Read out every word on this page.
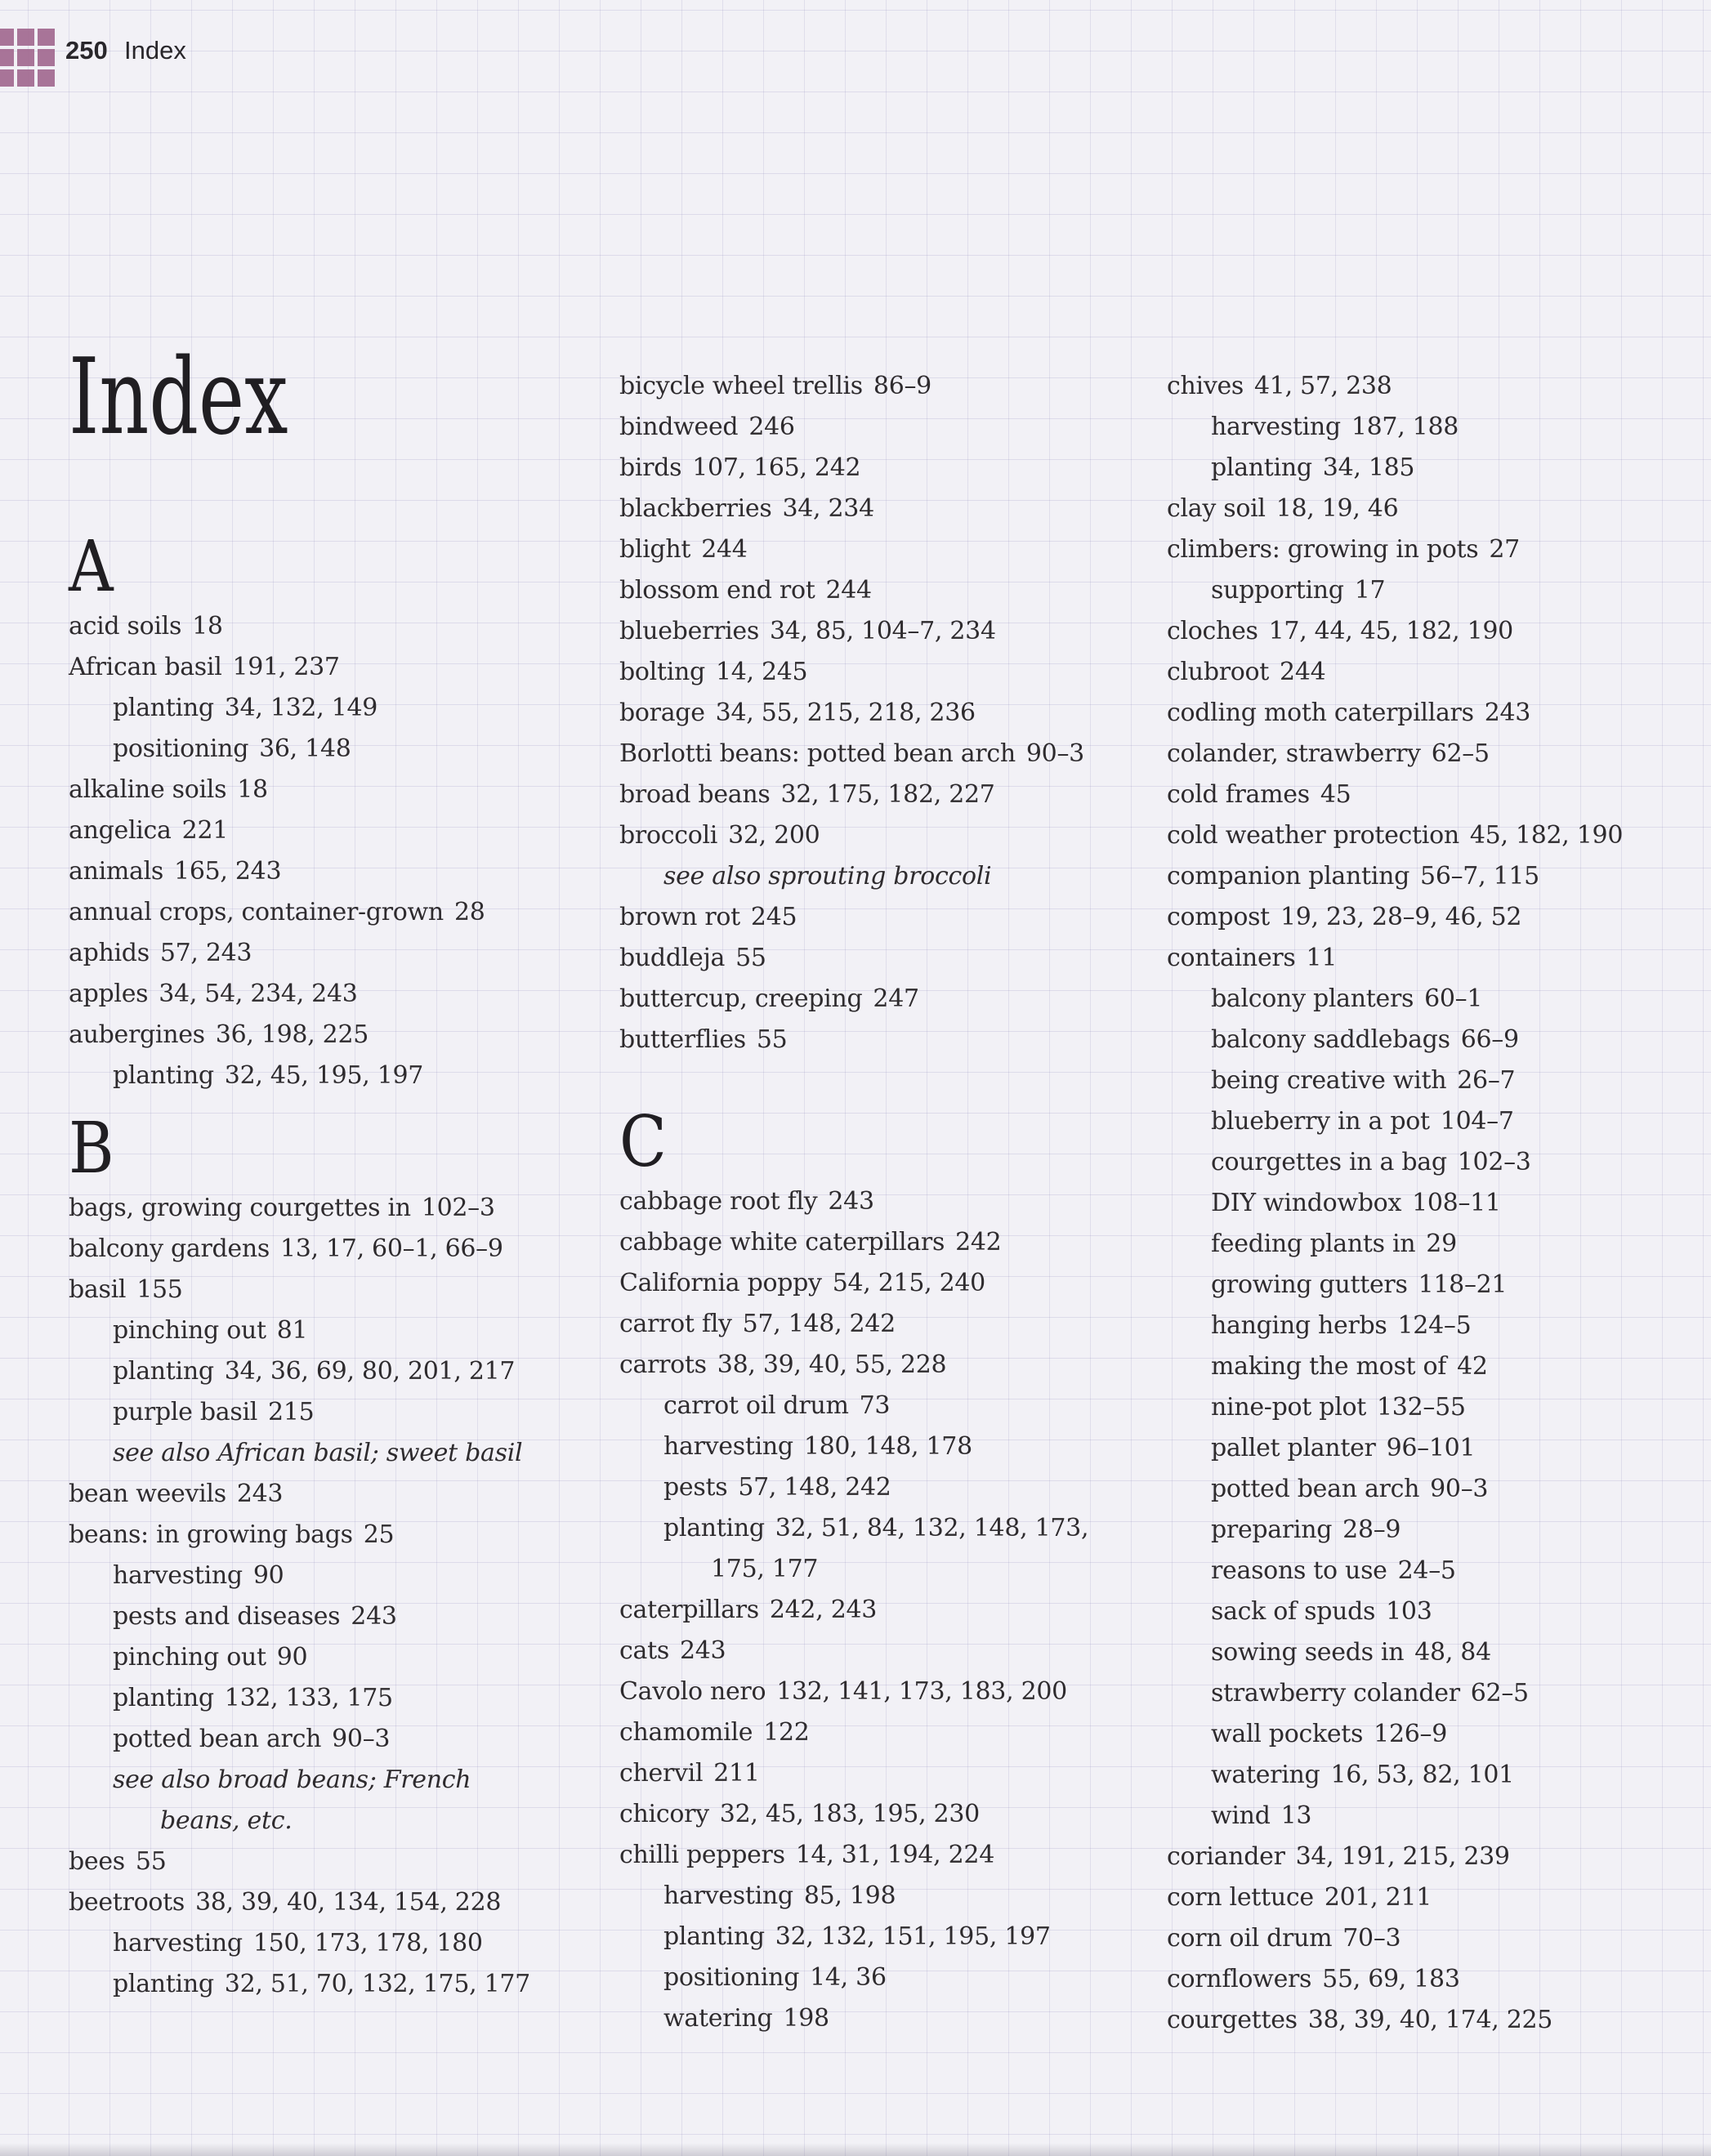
250 Index
Index
A
acid soils 18
African basil 191, 237
planting 34, 132, 149
positioning 36, 148
alkaline soils 18
angelica 221
animals 165, 243
annual crops, container-grown 28
aphids 57, 243
apples 34, 54, 234, 243
aubergines 36, 198, 225
planting 32, 45, 195, 197
B
bags, growing courgettes in 102–3
balcony gardens 13, 17, 60–1, 66–9
basil 155
pinching out 81
planting 34, 36, 69, 80, 201, 217
purple basil 215
see also African basil; sweet basil
bean weevils 243
beans: in growing bags 25
harvesting 90
pests and diseases 243
pinching out 90
planting 132, 133, 175
potted bean arch 90–3
see also broad beans; French
beans, etc.
bees 55
beetroots 38, 39, 40, 134, 154, 228
harvesting 150, 173, 178, 180
planting 32, 51, 70, 132, 175, 177
bicycle wheel trellis 86–9
bindweed 246
birds 107, 165, 242
blackberries 34, 234
blight 244
blossom end rot 244
blueberries 34, 85, 104–7, 234
bolting 14, 245
borage 34, 55, 215, 218, 236
Borlotti beans: potted bean arch 90–3
broad beans 32, 175, 182, 227
broccoli 32, 200
see also sprouting broccoli
brown rot 245
buddleja 55
buttercup, creeping 247
butterflies 55
C
cabbage root fly 243
cabbage white caterpillars 242
California poppy 54, 215, 240
carrot fly 57, 148, 242
carrots 38, 39, 40, 55, 228
carrot oil drum 73
harvesting 180, 148, 178
pests 57, 148, 242
planting 32, 51, 84, 132, 148, 173,
175, 177
caterpillars 242, 243
cats 243
Cavolo nero 132, 141, 173, 183, 200
chamomile 122
chervil 211
chicory 32, 45, 183, 195, 230
chilli peppers 14, 31, 194, 224
harvesting 85, 198
planting 32, 132, 151, 195, 197
positioning 14, 36
watering 198
chives 41, 57, 238
harvesting 187, 188
planting 34, 185
clay soil 18, 19, 46
climbers: growing in pots 27
supporting 17
cloches 17, 44, 45, 182, 190
clubroot 244
codling moth caterpillars 243
colander, strawberry 62–5
cold frames 45
cold weather protection 45, 182, 190
companion planting 56–7, 115
compost 19, 23, 28–9, 46, 52
containers 11
balcony planters 60–1
balcony saddlebags 66–9
being creative with 26–7
blueberry in a pot 104–7
courgettes in a bag 102–3
DIY windowbox 108–11
feeding plants in 29
growing gutters 118–21
hanging herbs 124–5
making the most of 42
nine-pot plot 132–55
pallet planter 96–101
potted bean arch 90–3
preparing 28–9
reasons to use 24–5
sack of spuds 103
sowing seeds in 48, 84
strawberry colander 62–5
wall pockets 126–9
watering 16, 53, 82, 101
wind 13
coriander 34, 191, 215, 239
corn lettuce 201, 211
corn oil drum 70–3
cornflowers 55, 69, 183
courgettes 38, 39, 40, 174, 225
